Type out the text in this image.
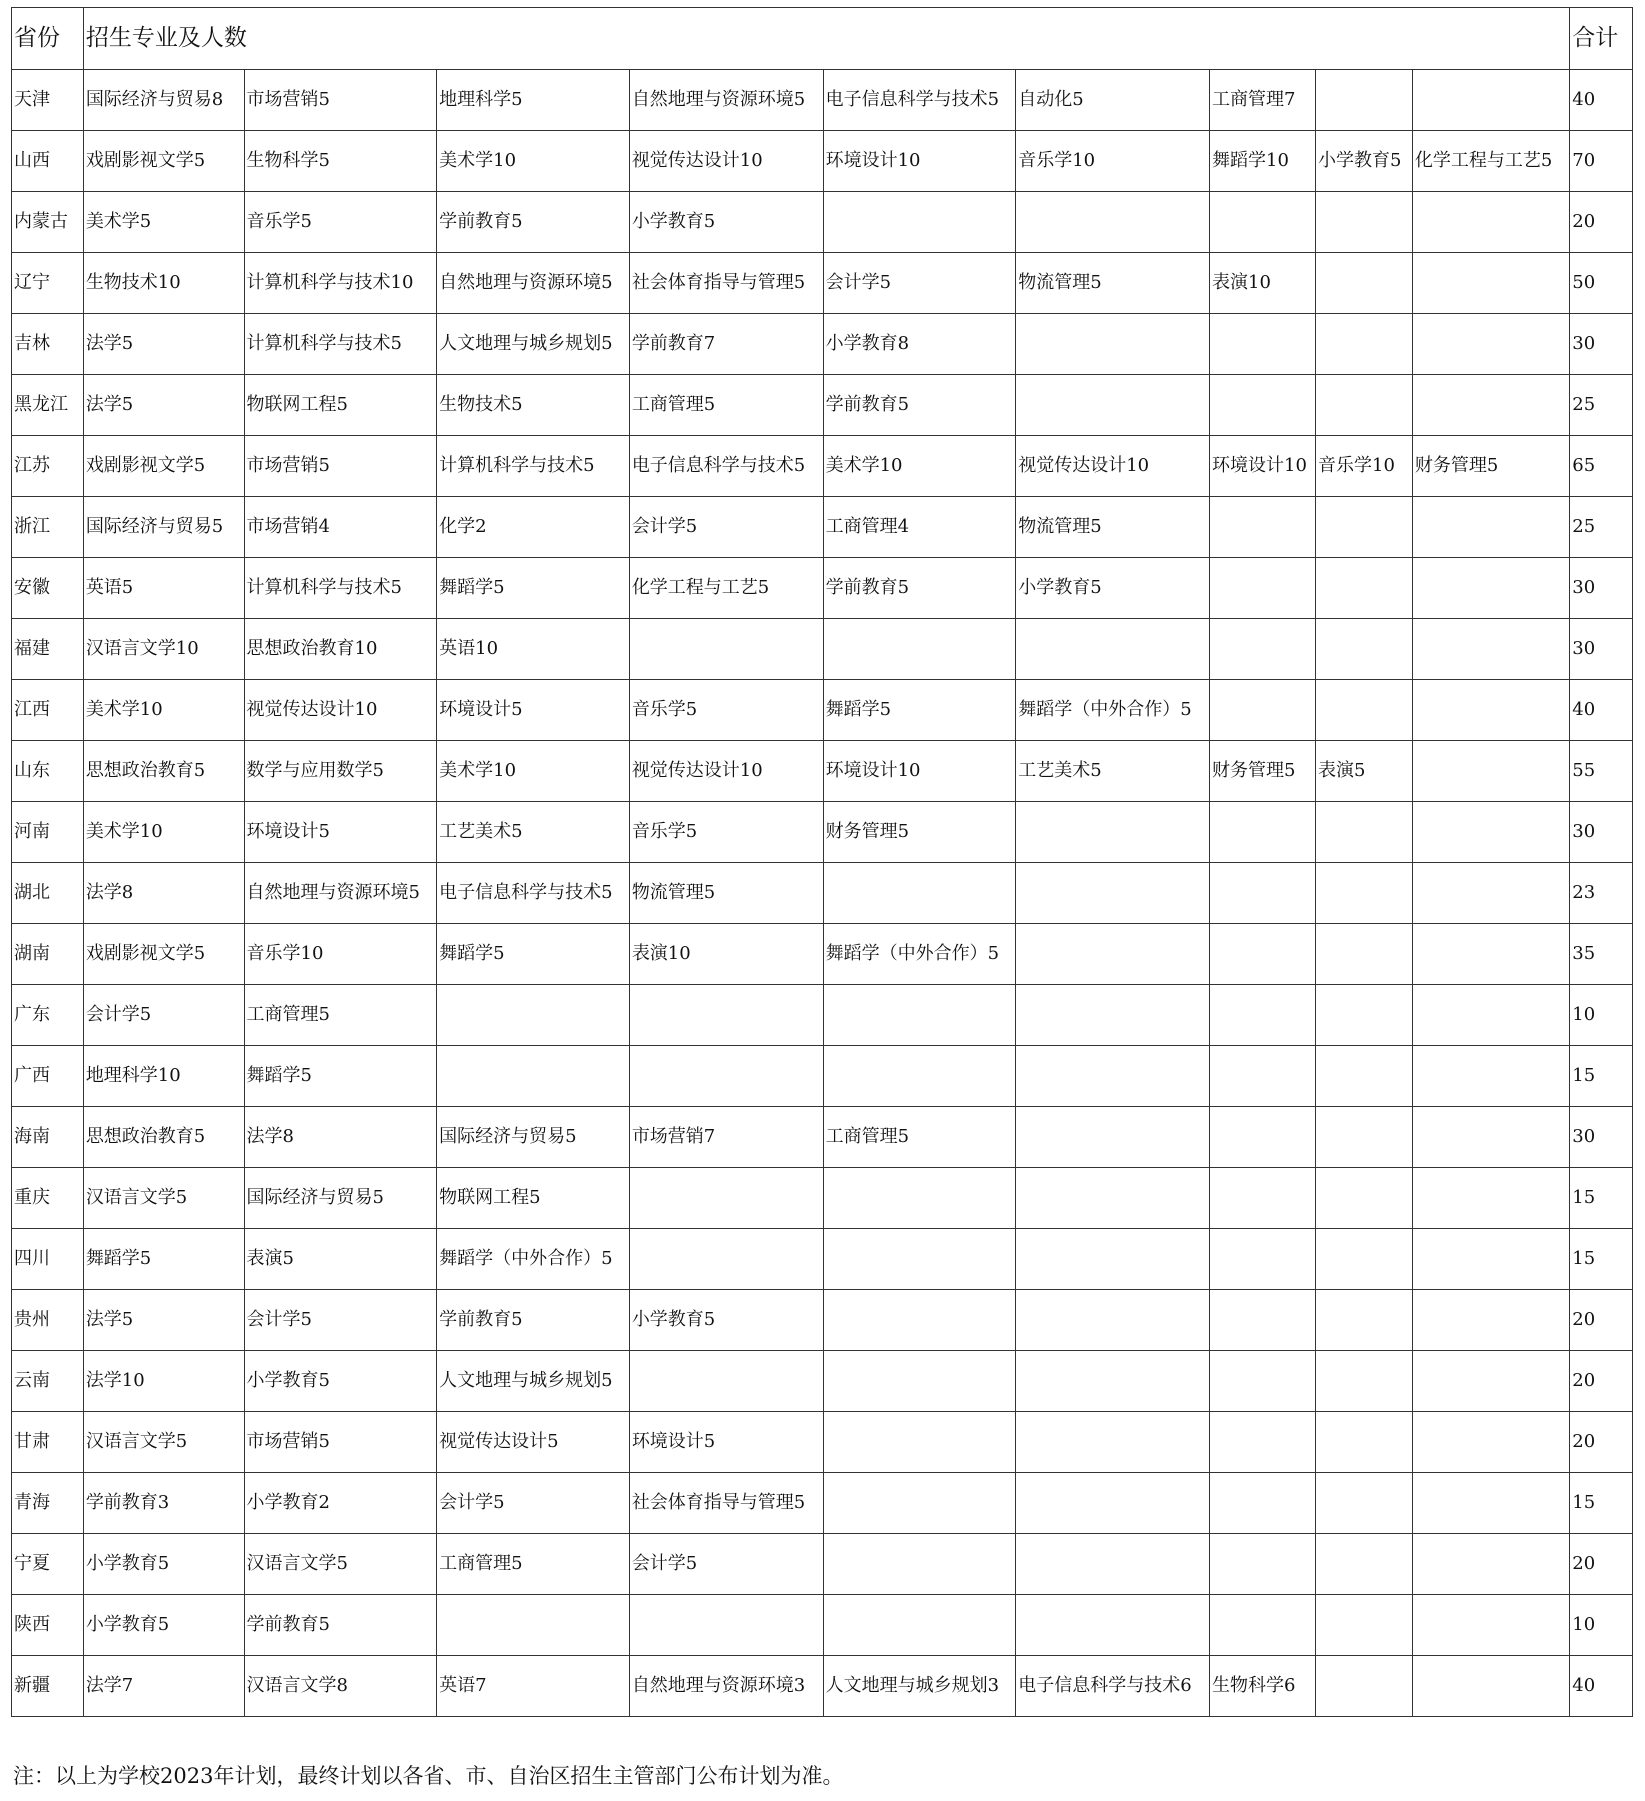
省份	招生专业及人数									合计
天津	国际经济与贸易8	市场营销5	地理科学5	自然地理与资源环境5	电子信息科学与技术5	自动化5	工商管理7			40
山西	戏剧影视文学5	生物科学5	美术学10	视觉传达设计10	环境设计10	音乐学10	舞蹈学10	小学教育5	化学工程与工艺5	70
内蒙古	美术学5	音乐学5	学前教育5	小学教育5						20
辽宁	生物技术10	计算机科学与技术10	自然地理与资源环境5	社会体育指导与管理5	会计学5	物流管理5	表演10			50
吉林	法学5	计算机科学与技术5	人文地理与城乡规划5	学前教育7	小学教育8					30
黑龙江	法学5	物联网工程5	生物技术5	工商管理5	学前教育5					25
江苏	戏剧影视文学5	市场营销5	计算机科学与技术5	电子信息科学与技术5	美术学10	视觉传达设计10	环境设计10	音乐学10	财务管理5	65
浙江	国际经济与贸易5	市场营销4	化学2	会计学5	工商管理4	物流管理5				25
安徽	英语5	计算机科学与技术5	舞蹈学5	化学工程与工艺5	学前教育5	小学教育5				30
福建	汉语言文学10	思想政治教育10	英语10							30
江西	美术学10	视觉传达设计10	环境设计5	音乐学5	舞蹈学5	舞蹈学（中外合作）5				40
山东	思想政治教育5	数学与应用数学5	美术学10	视觉传达设计10	环境设计10	工艺美术5	财务管理5	表演5		55
河南	美术学10	环境设计5	工艺美术5	音乐学5	财务管理5					30
湖北	法学8	自然地理与资源环境5	电子信息科学与技术5	物流管理5						23
湖南	戏剧影视文学5	音乐学10	舞蹈学5	表演10	舞蹈学（中外合作）5					35
广东	会计学5	工商管理5								10
广西	地理科学10	舞蹈学5								15
海南	思想政治教育5	法学8	国际经济与贸易5	市场营销7	工商管理5					30
重庆	汉语言文学5	国际经济与贸易5	物联网工程5							15
四川	舞蹈学5	表演5	舞蹈学（中外合作）5							15
贵州	法学5	会计学5	学前教育5	小学教育5						20
云南	法学10	小学教育5	人文地理与城乡规划5							20
甘肃	汉语言文学5	市场营销5	视觉传达设计5	环境设计5						20
青海	学前教育3	小学教育2	会计学5	社会体育指导与管理5						15
宁夏	小学教育5	汉语言文学5	工商管理5	会计学5						20
陕西	小学教育5	学前教育5								10
新疆	法学7	汉语言文学8	英语7	自然地理与资源环境3	人文地理与城乡规划3	电子信息科学与技术6	生物科学6			40
注：以上为学校2023年计划，最终计划以各省、市、自治区招生主管部门公布计划为准。
